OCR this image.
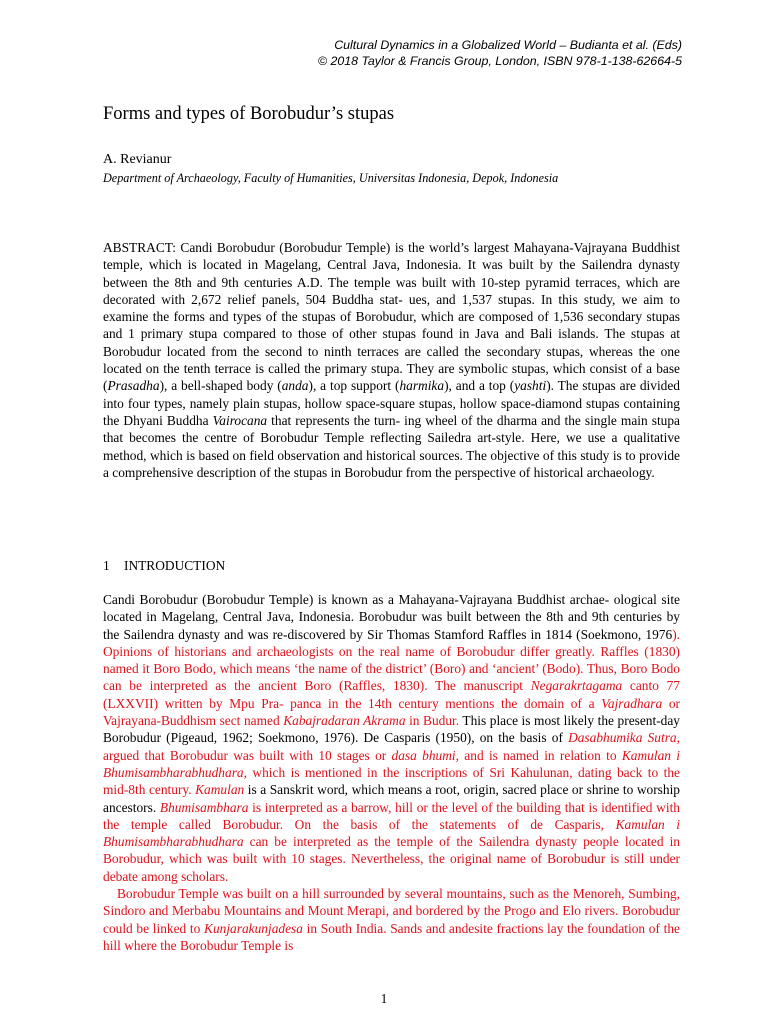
Cultural Dynamics in a Globalized World – Budianta et al. (Eds)
© 2018 Taylor & Francis Group, London, ISBN 978-1-138-62664-5
Forms and types of Borobudur’s stupas
A. Revianur
Department of Archaeology, Faculty of Humanities, Universitas Indonesia, Depok, Indonesia
ABSTRACT: Candi Borobudur (Borobudur Temple) is the world’s largest Mahayana-Vajrayana Buddhist temple, which is located in Magelang, Central Java, Indonesia. It was built by the Sailendra dynasty between the 8th and 9th centuries A.D. The temple was built with 10-step pyramid terraces, which are decorated with 2,672 relief panels, 504 Buddha stat- ues, and 1,537 stupas. In this study, we aim to examine the forms and types of the stupas of Borobudur, which are composed of 1,536 secondary stupas and 1 primary stupa compared to those of other stupas found in Java and Bali islands. The stupas at Borobudur located from the second to ninth terraces are called the secondary stupas, whereas the one located on the tenth terrace is called the primary stupa. They are symbolic stupas, which consist of a base (Prasadha), a bell-shaped body (anda), a top support (harmika), and a top (yashti). The stupas are divided into four types, namely plain stupas, hollow space-square stupas, hollow space-diamond stupas containing the Dhyani Buddha Vairocana that represents the turn- ing wheel of the dharma and the single main stupa that becomes the centre of Borobudur Temple reflecting Sailedra art-style. Here, we use a qualitative method, which is based on field observation and historical sources. The objective of this study is to provide a comprehensive description of the stupas in Borobudur from the perspective of historical archaeology.
1 INTRODUCTION

Candi Borobudur (Borobudur Temple) is known as a Mahayana-Vajrayana Buddhist archae- ological site located in Magelang, Central Java, Indonesia. Borobudur was built between the 8th and 9th centuries by the Sailendra dynasty and was re-discovered by Sir Thomas Stamford Raffles in 1814 (Soekmono, 1976). Opinions of historians and archaeologists on the real name of Borobudur differ greatly. Raffles (1830) named it Boro Bodo, which means ‘the name of the district’ (Boro) and ‘ancient’ (Bodo). Thus, Boro Bodo can be interpreted as the ancient Boro (Raffles, 1830). The manuscript Negarakrtagama canto 77 (LXXVII) written by Mpu Pra- panca in the 14th century mentions the domain of a Vajradhara or Vajrayana-Buddhism sect named Kabajradaran Akrama in Budur. This place is most likely the present-day Borobudur (Pigeaud, 1962; Soekmono, 1976). De Casparis (1950), on the basis of Dasabhumika Sutra, argued that Borobudur was built with 10 stages or dasa bhumi, and is named in relation to Kamulan i Bhumisambharabhudhara, which is mentioned in the inscriptions of Sri Kahulunan, dating back to the mid-8th century. Kamulan is a Sanskrit word, which means a root, origin, sacred place or shrine to worship ancestors. Bhumisambhara is interpreted as a barrow, hill or the level of the building that is identified with the temple called Borobudur. On the basis of the statements of de Casparis, Kamulan i Bhumisambharabhudhara can be interpreted as the temple of the Sailendra dynasty people located in Borobudur, which was built with 10 stages. Nevertheless, the original name of Borobudur is still under debate among scholars.

Borobudur Temple was built on a hill surrounded by several mountains, such as the Menoreh, Sumbing, Sindoro and Merbabu Mountains and Mount Merapi, and bordered by the Progo and Elo rivers. Borobudur could be linked to Kunjarakunjadesa in South India. Sands and andesite fractions lay the foundation of the hill where the Borobudur Temple is

1
